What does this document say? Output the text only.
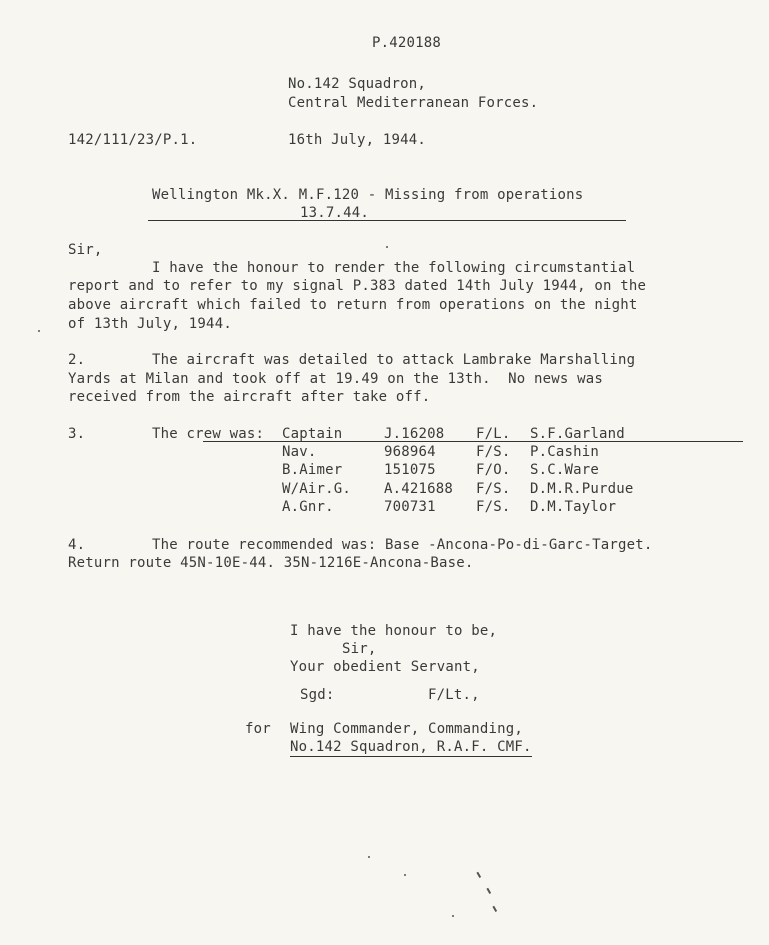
P.420188
No.142 Squadron,
Central Mediterranean Forces.
142/111/23/P.1.	16th July, 1944.
Wellington Mk.X. M.F.120 - Missing from operations
13.7.44.
Sir,
I have the honour to render the following circumstantial
report and to refer to my signal P.383 dated 14th July 1944, on the
above aircraft which failed to return from operations on the night
of 13th July, 1944.
2.	The aircraft was detailed to attack Lambrake Marshalling
Yards at Milan and took off at 19.49 on the 13th.  No news was
received from the aircraft after take off.
3.	The crew was: Captain	J.16208 F/L. S.F.Garland
Nav.	968964	F/S. P.Cashin
B.Aimer	151075	F/O. S.C.Ware
W/Air.G. A.421688 F/S. D.M.R.Purdue
A.Gnr.	700731	F/S. D.M.Taylor
4.	The route recommended was: Base -Ancona-Po-di-Garc-Target.
Return route 45N-10E-44. 35N-1216E-Ancona-Base.
I have the honour to be,
Sir,
Your obedient Servant,
Sgd:	F/Lt.,
for Wing Commander, Commanding,
No.142 Squadron, R.A.F. CMF.
